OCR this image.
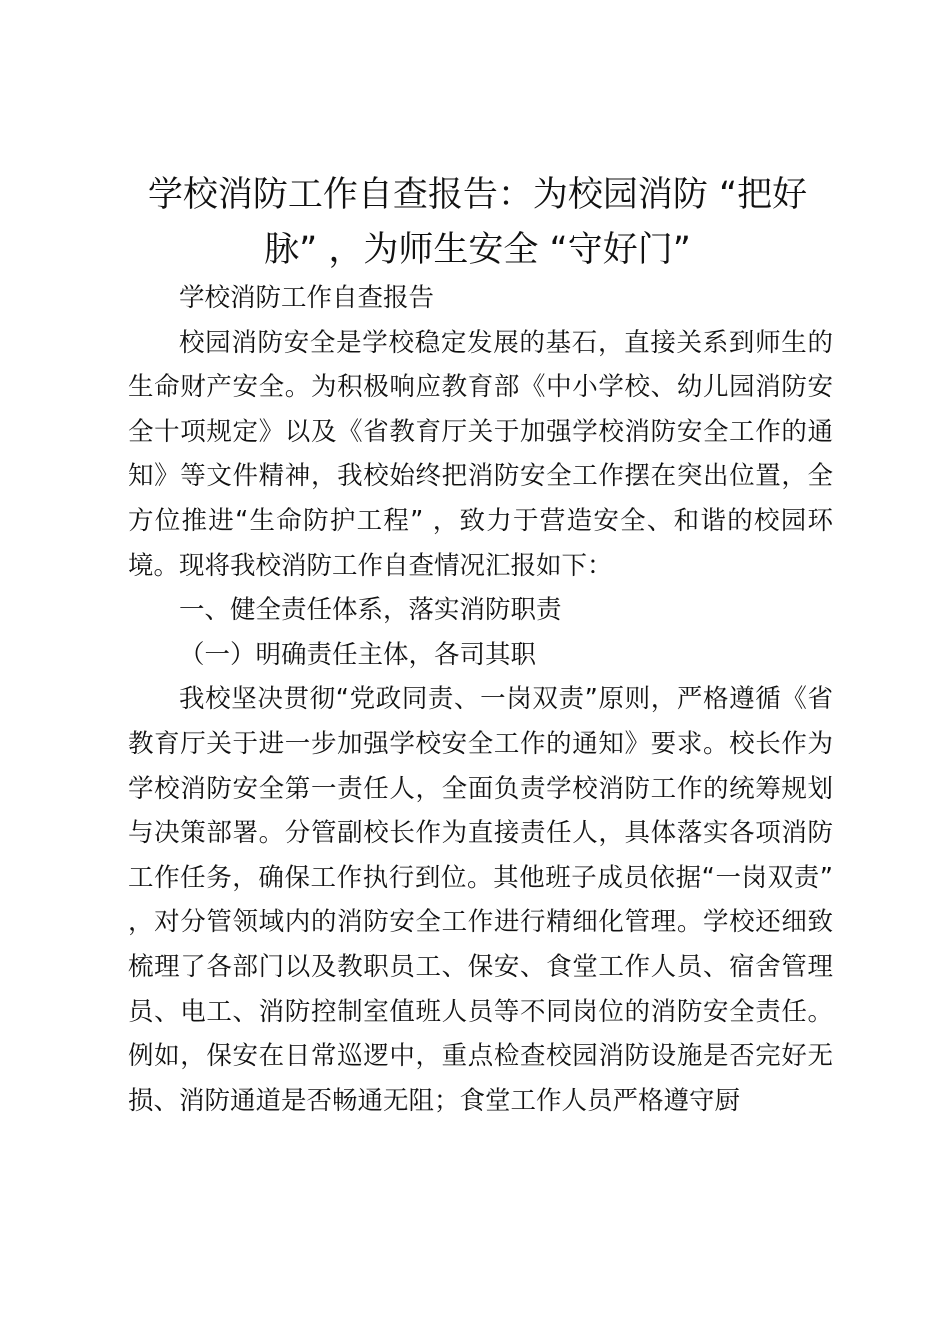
学校消防工作自查报告：为校园消防 “把好
脉” ，为师生安全 “守好门”

学校消防工作自查报告

校园消防安全是学校稳定发展的基石，直接关系到师生的生命财产安全。为积极响应教育部《中小学校、幼儿园消防安全十项规定》以及《省教育厅关于加强学校消防安全工作的通知》等文件精神，我校始终把消防安全工作摆在突出位置，全方位推进“生命防护工程” ，致力于营造安全、和谐的校园环境。现将我校消防工作自查情况汇报如下：

一、健全责任体系，落实消防职责

（一）明确责任主体，各司其职

我校坚决贯彻“党政同责、一岗双责”原则，严格遵循《省教育厅关于进一步加强学校安全工作的通知》要求。校长作为学校消防安全第一责任人，全面负责学校消防工作的统筹规划与决策部署。分管副校长作为直接责任人，具体落实各项消防工作任务，确保工作执行到位。其他班子成员依据“一岗双责” ，对分管领域内的消防安全工作进行精细化管理。学校还细致梳理了各部门以及教职员工、保安、食堂工作人员、宿舍管理员、电工、消防控制室值班人员等不同岗位的消防安全责任。例如，保安在日常巡逻中，重点检查校园消防设施是否完好无损、消防通道是否畅通无阻；食堂工作人员严格遵守厨
